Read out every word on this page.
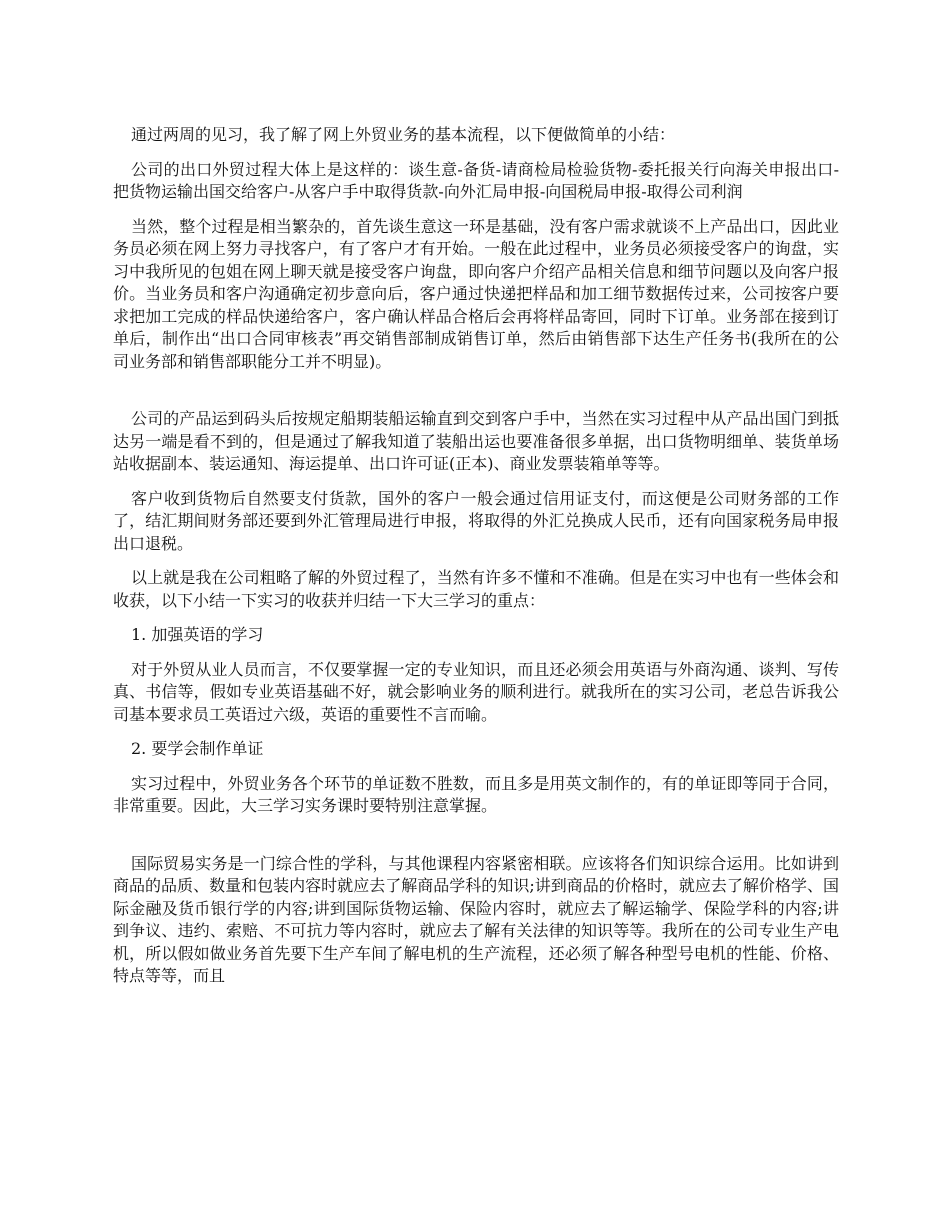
通过两周的见习，我了解了网上外贸业务的基本流程，以下便做简单的小结：

公司的出口外贸过程大体上是这样的：谈生意-备货-请商检局检验货物-委托报关行向海关申报出口-把货物运输出国交给客户-从客户手中取得货款-向外汇局申报-向国税局申报-取得公司利润

当然，整个过程是相当繁杂的，首先谈生意这一环是基础，没有客户需求就谈不上产品出口，因此业务员必须在网上努力寻找客户，有了客户才有开始。一般在此过程中，业务员必须接受客户的询盘，实习中我所见的包姐在网上聊天就是接受客户询盘，即向客户介绍产品相关信息和细节问题以及向客户报价。当业务员和客户沟通确定初步意向后，客户通过快递把样品和加工细节数据传过来，公司按客户要求把加工完成的样品快递给客户，客户确认样品合格后会再将样品寄回，同时下订单。业务部在接到订单后，制作出“出口合同审核表”再交销售部制成销售订单，然后由销售部下达生产任务书(我所在的公司业务部和销售部职能分工并不明显)。

公司的产品运到码头后按规定船期装船运输直到交到客户手中，当然在实习过程中从产品出国门到抵达另一端是看不到的，但是通过了解我知道了装船出运也要准备很多单据，出口货物明细单、装货单场站收据副本、装运通知、海运提单、出口许可证(正本)、商业发票装箱单等等。

客户收到货物后自然要支付货款，国外的客户一般会通过信用证支付，而这便是公司财务部的工作了，结汇期间财务部还要到外汇管理局进行申报，将取得的外汇兑换成人民币，还有向国家税务局申报出口退税。

以上就是我在公司粗略了解的外贸过程了，当然有许多不懂和不准确。但是在实习中也有一些体会和收获，以下小结一下实习的收获并归结一下大三学习的重点：

1. 加强英语的学习

对于外贸从业人员而言，不仅要掌握一定的专业知识，而且还必须会用英语与外商沟通、谈判、写传真、书信等，假如专业英语基础不好，就会影响业务的顺利进行。就我所在的实习公司，老总告诉我公司基本要求员工英语过六级，英语的重要性不言而喻。

2. 要学会制作单证

实习过程中，外贸业务各个环节的单证数不胜数，而且多是用英文制作的，有的单证即等同于合同，非常重要。因此，大三学习实务课时要特别注意掌握。

国际贸易实务是一门综合性的学科，与其他课程内容紧密相联。应该将各们知识综合运用。比如讲到商品的品质、数量和包装内容时就应去了解商品学科的知识;讲到商品的价格时，就应去了解价格学、国际金融及货币银行学的内容;讲到国际货物运输、保险内容时，就应去了解运输学、保险学科的内容;讲到争议、违约、索赔、不可抗力等内容时，就应去了解有关法律的知识等等。我所在的公司专业生产电机，所以假如做业务首先要下生产车间了解电机的生产流程，还必须了解各种型号电机的性能、价格、特点等等，而且
